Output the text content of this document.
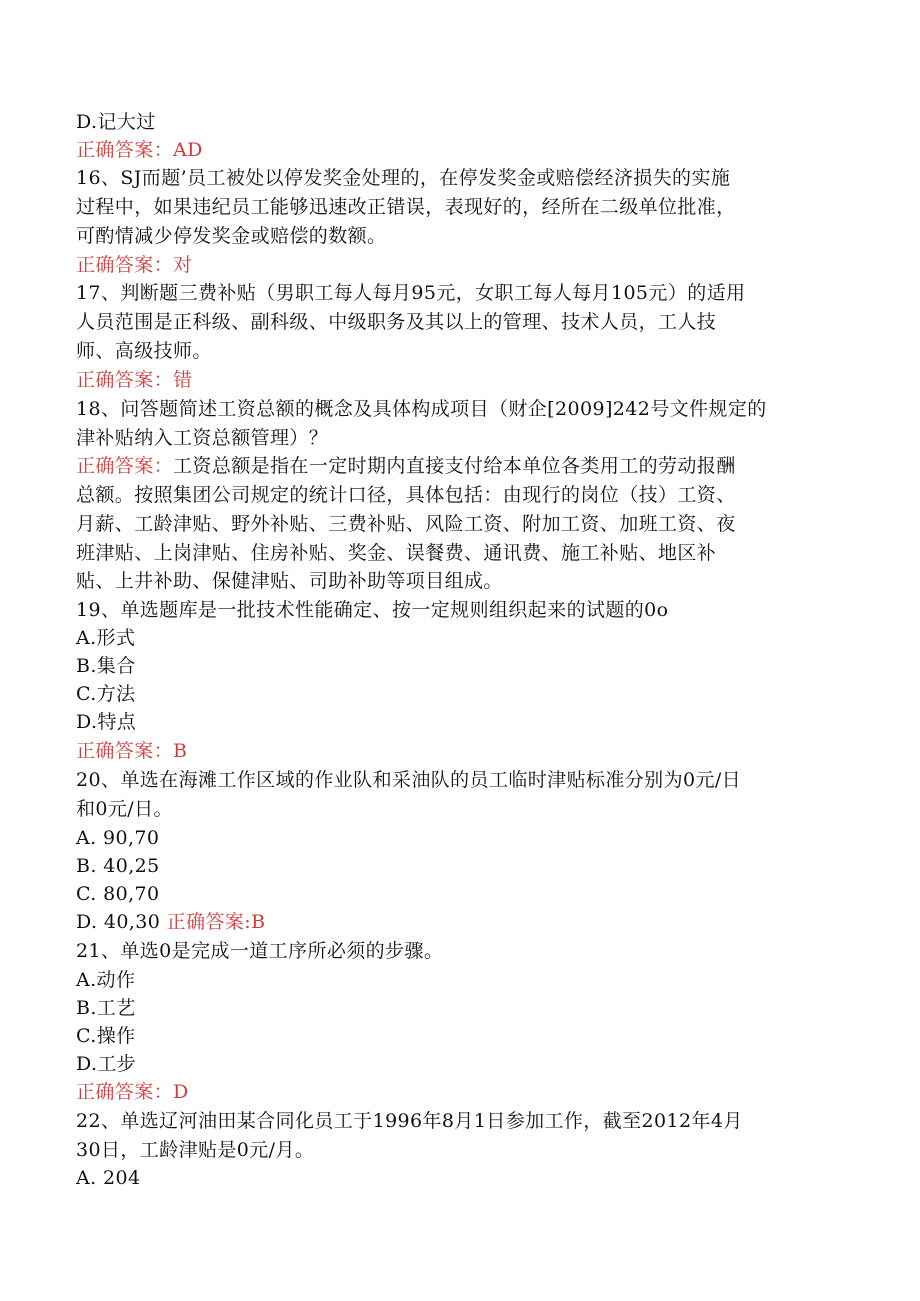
D.记大过
正确答案：AD
16、SJ而题’员工被处以停发奖金处理的，在停发奖金或赔偿经济损失的实施
过程中，如果违纪员工能够迅速改正错误，表现好的，经所在二级单位批准，
可酌情减少停发奖金或赔偿的数额。
正确答案：对
17、判断题三费补贴（男职工每人每月95元，女职工每人每月105元）的适用
人员范围是正科级、副科级、中级职务及其以上的管理、技术人员，工人技
师、高级技师。
正确答案：错
18、问答题简述工资总额的概念及具体构成项目（财企[2009]242号文件规定的
津补贴纳入工资总额管理）？
正确答案：工资总额是指在一定时期内直接支付给本单位各类用工的劳动报酬
总额。按照集团公司规定的统计口径，具体包括：由现行的岗位（技）工资、
月薪、工龄津贴、野外补贴、三费补贴、风险工资、附加工资、加班工资、夜
班津贴、上岗津贴、住房补贴、奖金、误餐费、通讯费、施工补贴、地区补
贴、上井补助、保健津贴、司助补助等项目组成。
19、单选题库是一批技术性能确定、按一定规则组织起来的试题的0o
A.形式
B.集合
C.方法
D.特点
正确答案：B
20、单选在海滩工作区域的作业队和采油队的员工临时津贴标准分别为0元/日
和0元/日。
A. 90,70
B. 40,25
C. 80,70
D. 40,30 正确答案:B
21、单选0是完成一道工序所必须的步骤。
A.动作
B.工艺
C.操作
D.工步
正确答案：D
22、单选辽河油田某合同化员工于1996年8月1日参加工作，截至2012年4月
30日，工龄津贴是0元/月。
A. 204
